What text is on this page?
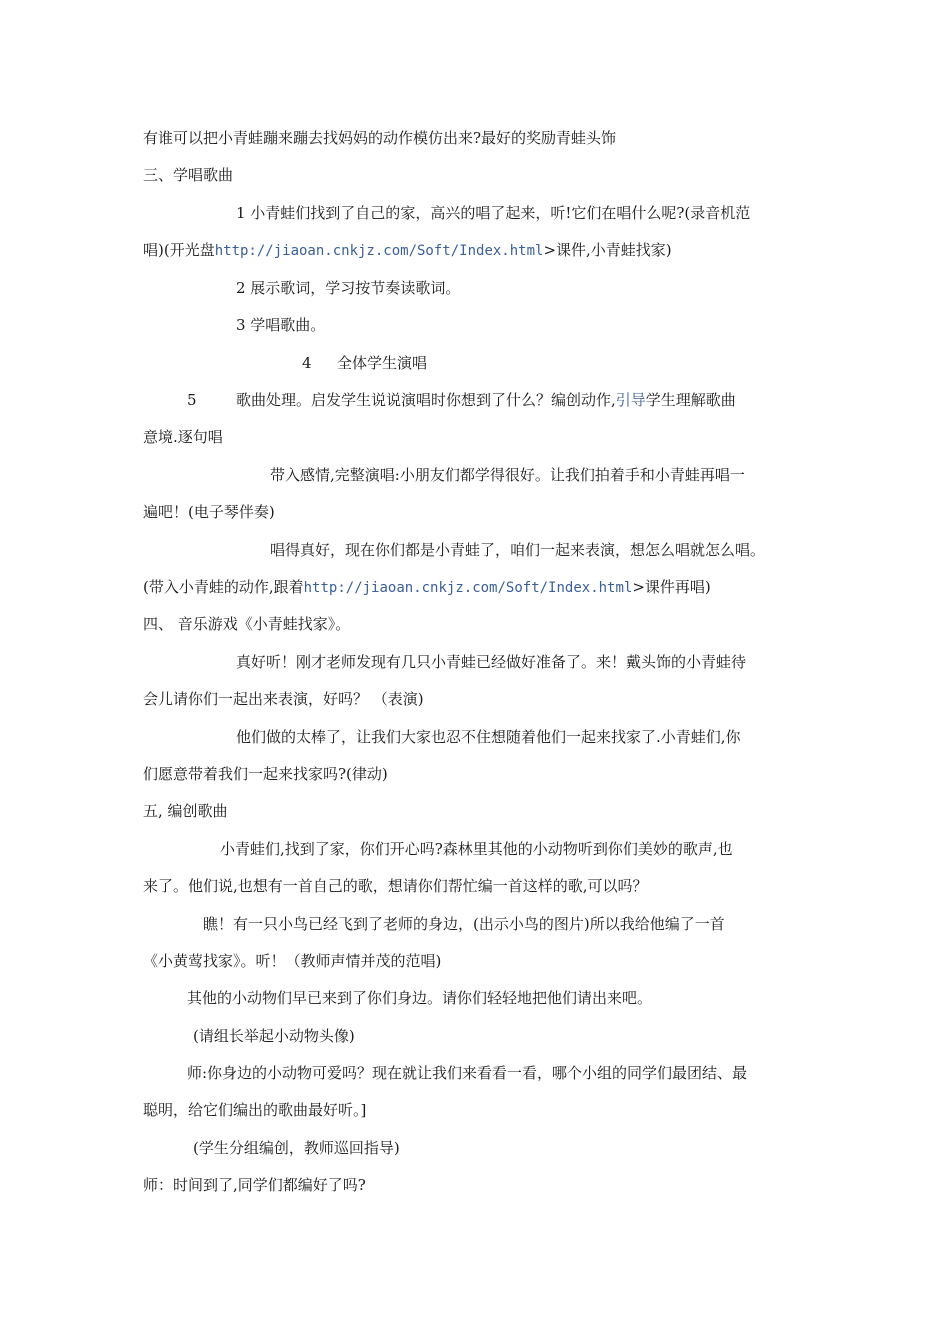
有谁可以把小青蛙蹦来蹦去找妈妈的动作模仿出来?最好的奖励青蛙头饰
三、学唱歌曲
1 小青蛙们找到了自己的家，高兴的唱了起来，听!它们在唱什么呢?(录音机范
唱)(开光盘http://jiaoan.cnkjz.com/Soft/Index.html>课件,小青蛙找家)
2 展示歌词，学习按节奏读歌词。
3 学唱歌曲。
4 全体学生演唱
5	歌曲处理。启发学生说说演唱时你想到了什么？编创动作,引导学生理解歌曲
意境.逐句唱
带入感情,完整演唱:小朋友们都学得很好。让我们拍着手和小青蛙再唱一
遍吧！(电子琴伴奏)
唱得真好，现在你们都是小青蛙了，咱们一起来表演，想怎么唱就怎么唱。
(带入小青蛙的动作,跟着http://jiaoan.cnkjz.com/Soft/Index.html>课件再唱)
四、 音乐游戏《小青蛙找家》。
真好听！刚才老师发现有几只小青蛙已经做好准备了。来！戴头饰的小青蛙待
会儿请你们一起出来表演，好吗？ （表演)
他们做的太棒了，让我们大家也忍不住想随着他们一起来找家了.小青蛙们,你
们愿意带着我们一起来找家吗?(律动)
五, 编创歌曲
小青蛙们,找到了家，你们开心吗?森林里其他的小动物听到你们美妙的歌声,也
来了。他们说,也想有一首自己的歌，想请你们帮忙编一首这样的歌,可以吗？
瞧！有一只小鸟已经飞到了老师的身边，(出示小鸟的图片)所以我给他编了一首
《小黄莺找家》。听！（教师声情并茂的范唱)
其他的小动物们早已来到了你们身边。请你们轻轻地把他们请出来吧。
(请组长举起小动物头像)
师:你身边的小动物可爱吗？现在就让我们来看看一看，哪个小组的同学们最团结、最
聪明，给它们编出的歌曲最好听。]
(学生分组编创，教师巡回指导)
师：时间到了,同学们都编好了吗?
